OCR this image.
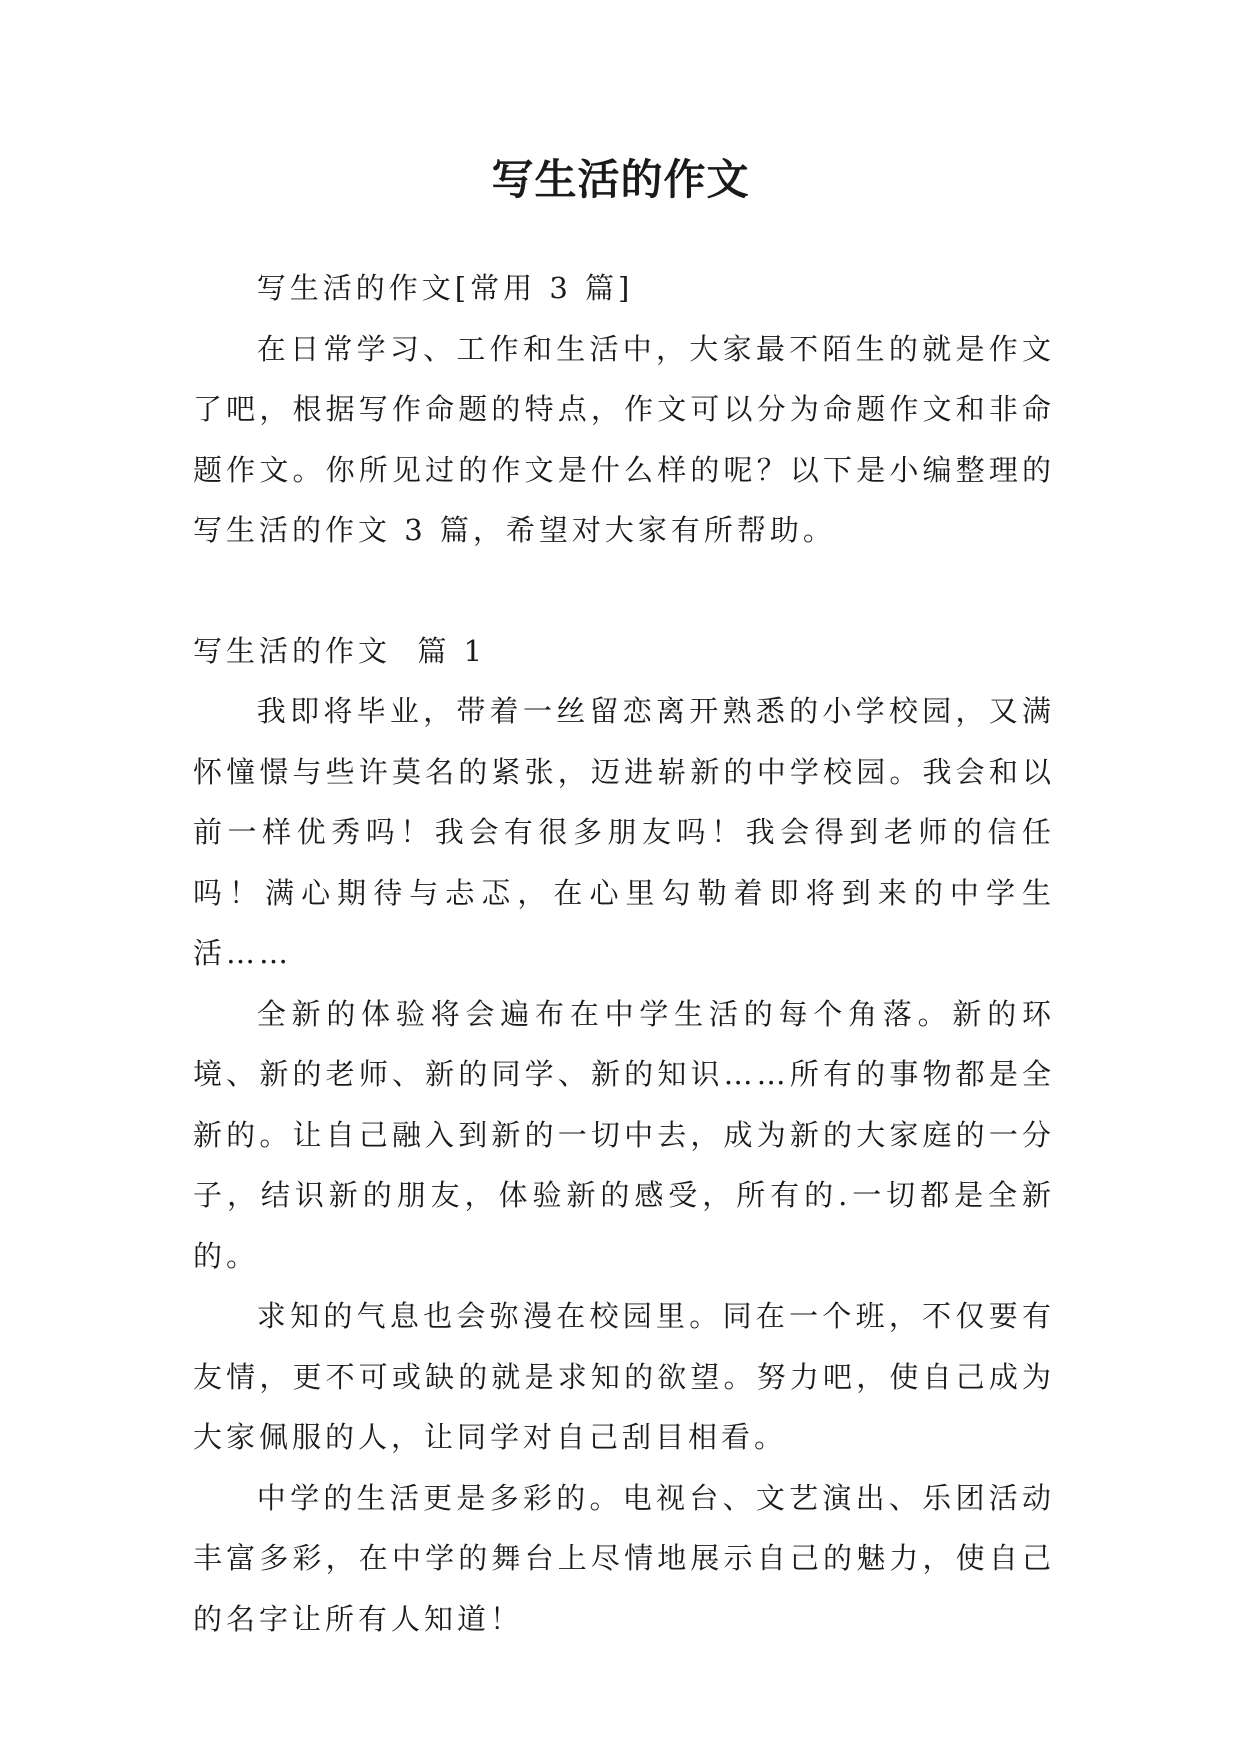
写生活的作文

写生活的作文[常用 3 篇]

在日常学习、工作和生活中，大家最不陌生的就是作文了吧，根据写作命题的特点，作文可以分为命题作文和非命题作文。你所见过的作文是什么样的呢？以下是小编整理的写生活的作文 3 篇，希望对大家有所帮助。

写生活的作文  篇 1

我即将毕业，带着一丝留恋离开熟悉的小学校园，又满怀憧憬与些许莫名的紧张，迈进崭新的中学校园。我会和以前一样优秀吗！我会有很多朋友吗！我会得到老师的信任吗！满心期待与忐忑，在心里勾勒着即将到来的中学生活……

全新的体验将会遍布在中学生活的每个角落。新的环境、新的老师、新的同学、新的知识……所有的事物都是全新的。让自己融入到新的一切中去，成为新的大家庭的一分子，结识新的朋友，体验新的感受，所有的.一切都是全新的。

求知的气息也会弥漫在校园里。同在一个班，不仅要有友情，更不可或缺的就是求知的欲望。努力吧，使自己成为大家佩服的人，让同学对自己刮目相看。

中学的生活更是多彩的。电视台、文艺演出、乐团活动丰富多彩，在中学的舞台上尽情地展示自己的魅力，使自己的名字让所有人知道！
